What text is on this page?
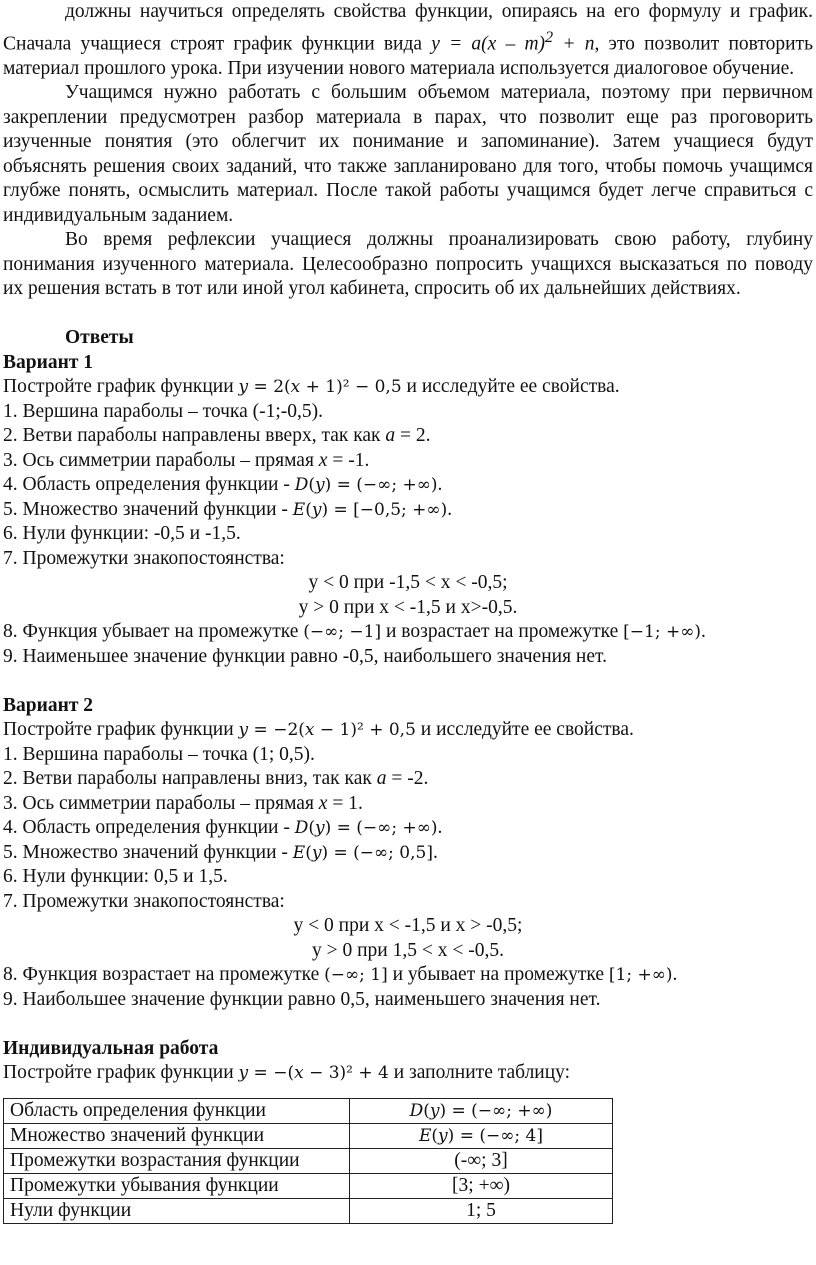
должны научиться определять свойства функции, опираясь на его формулу и график. Сначала учащиеся строят график функции вида y = a(x – m)$^2$ + n, это позволит повторить материал прошлого урока. При изучении нового материала используется диалоговое обучение.

Учащимся нужно работать с большим объемом материала, поэтому при первичном закреплении предусмотрен разбор материала в парах, что позволит еще раз проговорить изученные понятия (это облегчит их понимание и запоминание). Затем учащиеся будут объяснять решения своих заданий, что также запланировано для того, чтобы помочь учащимся глубже понять, осмыслить материал. После такой работы учащимся будет легче справиться с индивидуальным заданием.

Во время рефлексии учащиеся должны проанализировать свою работу, глубину понимания изученного материала. Целесообразно попросить учащихся высказаться по поводу их решения встать в тот или иной угол кабинета, спросить об их дальнейших действиях.

Ответы

Вариант 1

Постройте график функции 𝑦 = 2(𝑥 + 1)² − 0,5 и исследуйте ее свойства.

1. Вершина параболы – точка (-1;-0,5).

2. Ветви параболы направлены вверх, так как a = 2.

3. Ось симметрии параболы – прямая x = -1.

4. Область определения функции - 𝐷(𝑦) = (−∞; +∞).

5. Множество значений функции - 𝐸(𝑦) = [−0,5; +∞).

6. Нули функции: -0,5 и -1,5.

7. Промежутки знакопостоянства:

y < 0 при -1,5 < x < -0,5;

y > 0 при x < -1,5 и x>-0,5.

8. Функция убывает на промежутке (−∞; −1] и возрастает на промежутке [−1; +∞).

9. Наименьшее значение функции равно -0,5, наибольшего значения нет.

Вариант 2

Постройте график функции 𝑦 = −2(𝑥 − 1)² + 0,5 и исследуйте ее свойства.

1. Вершина параболы – точка (1; 0,5).

2. Ветви параболы направлены вниз, так как a = -2.

3. Ось симметрии параболы – прямая x = 1.

4. Область определения функции - 𝐷(𝑦) = (−∞; +∞).

5. Множество значений функции - 𝐸(𝑦) = (−∞; 0,5].

6. Нули функции: 0,5 и 1,5.

7. Промежутки знакопостоянства:

y < 0 при x < -1,5 и x > -0,5;

y > 0 при 1,5 < x < -0,5.

8. Функция возрастает на промежутке (−∞; 1] и убывает на промежутке [1; +∞).

9. Наибольшее значение функции равно 0,5, наименьшего значения нет.

Индивидуальная работа

Постройте график функции 𝑦 = −(𝑥 − 3)² + 4 и заполните таблицу:

Область определения функции	𝐷(𝑦) = (−∞; +∞)
Множество значений функции	𝐸(𝑦) = (−∞; 4]
Промежутки возрастания функции	(-∞; 3]
Промежутки убывания функции	[3; +∞)
Нули функции	1; 5
